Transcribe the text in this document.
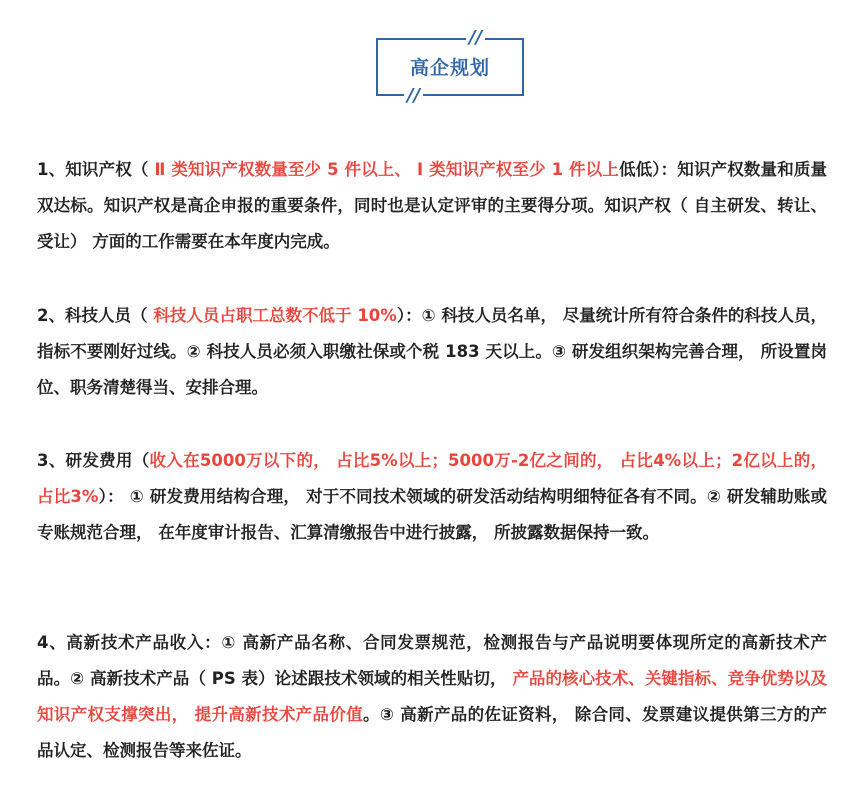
高企规划
//
//
1、知识产权（ Ⅱ 类知识产权数量至少 5 件以上、 Ⅰ 类知识产权至少 1 件以上低低）：知识产权数量和质量双达标。知识产权是高企申报的重要条件，同时也是认定评审的主要得分项。知识产权（ 自主研发、转让、受让） 方面的工作需要在本年度内完成。
2、科技人员（ 科技人员占职工总数不低于 10%）：① 科技人员名单， 尽量统计所有符合条件的科技人员， 指标不要刚好过线。② 科技人员必须入职缴社保或个税 183 天以上。③ 研发组织架构完善合理， 所设置岗位、职务清楚得当、安排合理。
3、研发费用（收入在5000万以下的， 占比5%以上；5000万-2亿之间的， 占比4%以上；2亿以上的， 占比3%）： ① 研发费用结构合理， 对于不同技术领域的研发活动结构明细特征各有不同。② 研发辅助账或专账规范合理， 在年度审计报告、汇算清缴报告中进行披露， 所披露数据保持一致。
4、高新技术产品收入：① 高新产品名称、合同发票规范，检测报告与产品说明要体现所定的高新技术产品。② 高新技术产品（ PS 表）论述跟技术领域的相关性贴切， 产品的核心技术、关键指标、竞争优势以及知识产权支撑突出， 提升高新技术产品价值。③ 高新产品的佐证资料， 除合同、发票建议提供第三方的产品认定、检测报告等来佐证。
